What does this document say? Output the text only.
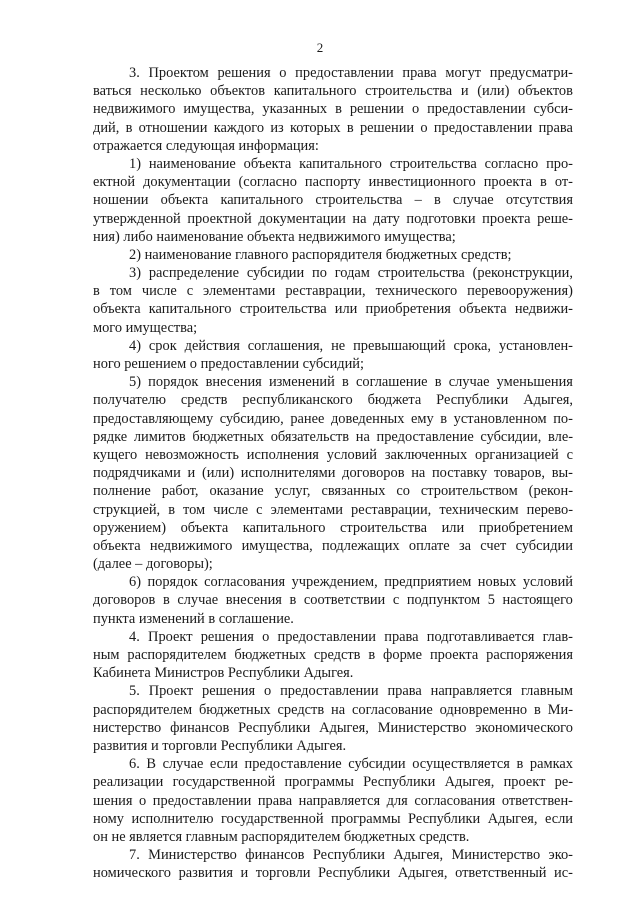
2
3. Проектом решения о предоставлении права могут предусматри-
ваться несколько объектов капитального строительства и (или) объектов
недвижимого имущества, указанных в решении о предоставлении субси-
дий, в отношении каждого из которых в решении о предоставлении права
отражается следующая информация:
1) наименование объекта капитального строительства согласно про-
ектной документации (согласно паспорту инвестиционного проекта в от-
ношении объекта капитального строительства – в случае отсутствия
утвержденной проектной документации на дату подготовки проекта реше-
ния) либо наименование объекта недвижимого имущества;
2) наименование главного распорядителя бюджетных средств;
3) распределение субсидии по годам строительства (реконструкции,
в том числе с элементами реставрации, технического перевооружения)
объекта капитального строительства или приобретения объекта недвижи-
мого имущества;
4) срок действия соглашения, не превышающий срока, установлен-
ного решением о предоставлении субсидий;
5) порядок внесения изменений в соглашение в случае уменьшения
получателю средств республиканского бюджета Республики Адыгея,
предоставляющему субсидию, ранее доведенных ему в установленном по-
рядке лимитов бюджетных обязательств на предоставление субсидии, вле-
кущего невозможность исполнения условий заключенных организацией с
подрядчиками и (или) исполнителями договоров на поставку товаров, вы-
полнение работ, оказание услуг, связанных со строительством (рекон-
струкцией, в том числе с элементами реставрации, техническим перево-
оружением) объекта капитального строительства или приобретением
объекта недвижимого имущества, подлежащих оплате за счет субсидии
(далее – договоры);
6) порядок согласования учреждением, предприятием новых условий
договоров в случае внесения в соответствии с подпунктом 5 настоящего
пункта изменений в соглашение.
4. Проект решения о предоставлении права подготавливается глав-
ным распорядителем бюджетных средств в форме проекта распоряжения
Кабинета Министров Республики Адыгея.
5. Проект решения о предоставлении права направляется главным
распорядителем бюджетных средств на согласование одновременно в Ми-
нистерство финансов Республики Адыгея, Министерство экономического
развития и торговли Республики Адыгея.
6. В случае если предоставление субсидии осуществляется в рамках
реализации государственной программы Республики Адыгея, проект ре-
шения о предоставлении права направляется для согласования ответствен-
ному исполнителю государственной программы Республики Адыгея, если
он не является главным распорядителем бюджетных средств.
7. Министерство финансов Республики Адыгея, Министерство эко-
номического развития и торговли Республики Адыгея, ответственный ис-
